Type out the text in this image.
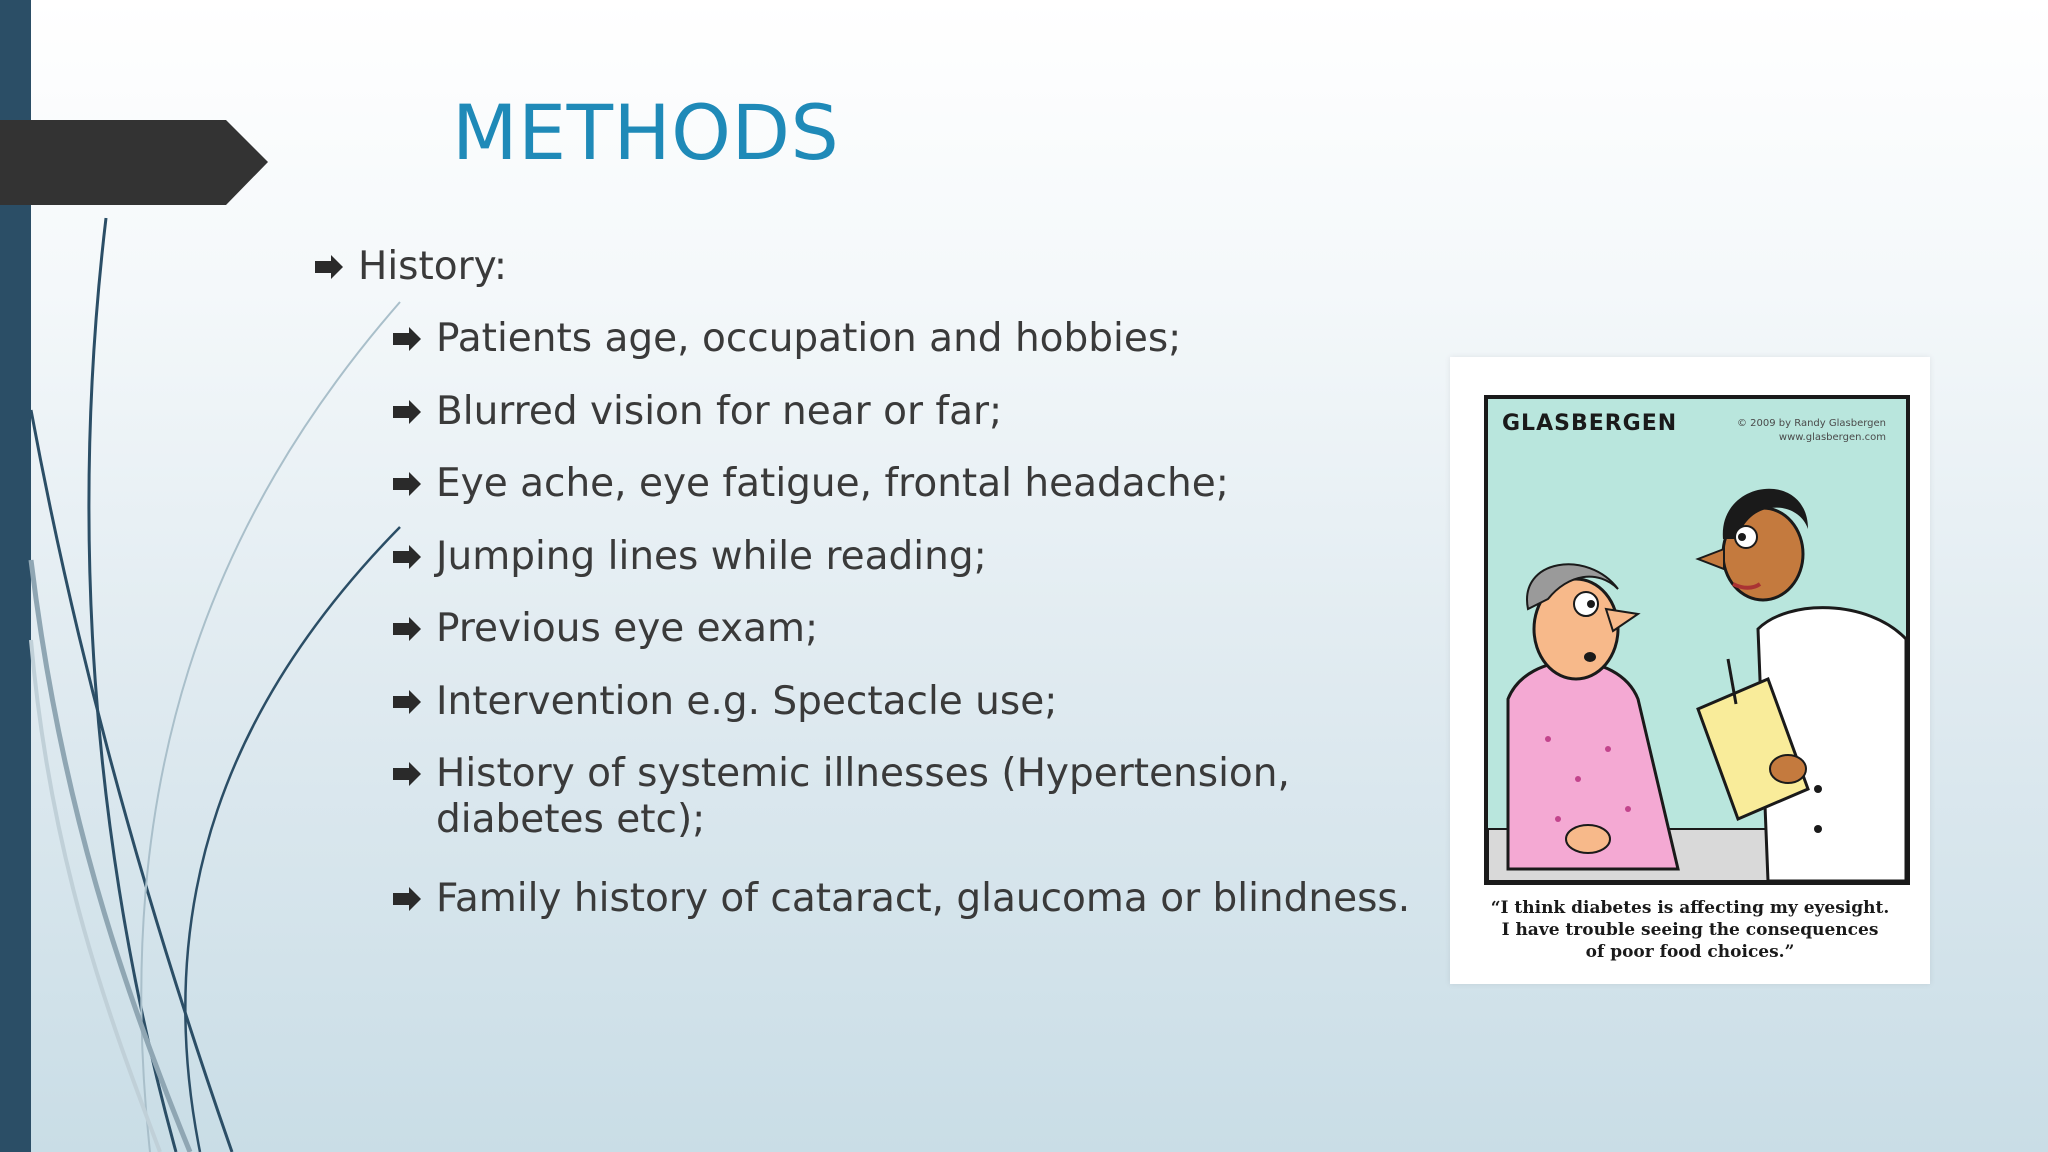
METHODS
History:
Patients age, occupation and hobbies;
Blurred vision for near or far;
Eye ache, eye fatigue, frontal headache;
Jumping lines while reading;
Previous eye exam;
Intervention e.g. Spectacle use;
History of systemic illnesses (Hypertension,
diabetes etc);
Family history of cataract, glaucoma or blindness.
GLASBERGEN	© 2009 by Randy Glasbergen
www.glasbergen.com
“I think diabetes is affecting my eyesight.
I have trouble seeing the consequences
of poor food choices.”
